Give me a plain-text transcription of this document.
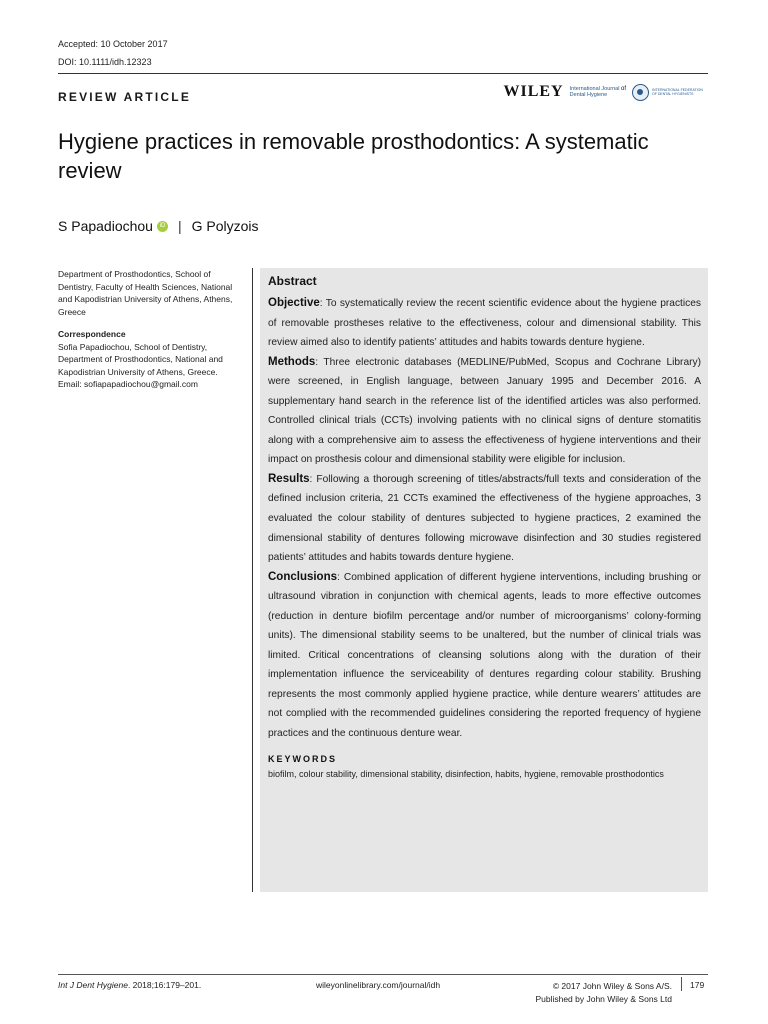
Accepted: 10 October 2017
DOI: 10.1111/idh.12323
REVIEW ARTICLE	WILEY International Journal of
Dental Hygiene
INTERNATIONAL FEDERATION
OF DENTAL HYGIENISTS
Hygiene practices in removable prosthodontics: A systematic review
S Papadiochou	iD | G Polyzois

Department of Prosthodontics, School of Dentistry, Faculty of Health Sciences, National and Kapodistrian University of Athens, Athens, Greece

Correspondence
Sofia Papadiochou, School of Dentistry, Department of Prosthodontics, National and Kapodistrian University of Athens, Greece.
Email: sofiapapadiochou@gmail.com
Abstract

Objective: To systematically review the recent scientific evidence about the hygiene practices of removable prostheses relative to the effectiveness, colour and dimensional stability. This review aimed also to identify patients’ attitudes and habits towards denture hygiene.

Methods: Three electronic databases (MEDLINE/PubMed, Scopus and Cochrane Library) were screened, in English language, between January 1995 and December 2016. A supplementary hand search in the reference list of the identified articles was also performed. Controlled clinical trials (CCTs) involving patients with no clinical signs of denture stomatitis along with a comprehensive aim to assess the effectiveness of hygiene interventions and their impact on prosthesis colour and dimensional stability were eligible for inclusion.

Results: Following a thorough screening of titles/abstracts/full texts and consideration of the defined inclusion criteria, 21 CCTs examined the effectiveness of the hygiene approaches, 3 evaluated the colour stability of dentures subjected to hygiene practices, 2 examined the dimensional stability of dentures following microwave disinfection and 30 studies registered patients’ attitudes and habits towards denture hygiene.

Conclusions: Combined application of different hygiene interventions, including brushing or ultrasound vibration in conjunction with chemical agents, leads to more effective outcomes (reduction in denture biofilm percentage and/or number of microorganisms’ colony-forming units). The dimensional stability seems to be unaltered, but the number of clinical trials was limited. Critical concentrations of cleansing solutions along with the duration of their implementation influence the serviceability of dentures regarding colour stability. Brushing represents the most commonly applied hygiene practice, while denture wearers’ attitudes are not complied with the recommended guidelines considering the reported frequency of hygiene practices and the continuous denture wear.

KEYWORDS
biofilm, colour stability, dimensional stability, disinfection, habits, hygiene, removable prosthodontics
Int J Dent Hygiene. 2018;16:179–201.	wileyonlinelibrary.com/journal/idh	© 2017 John Wiley & Sons A/S.
Published by John Wiley & Sons Ltd
179
